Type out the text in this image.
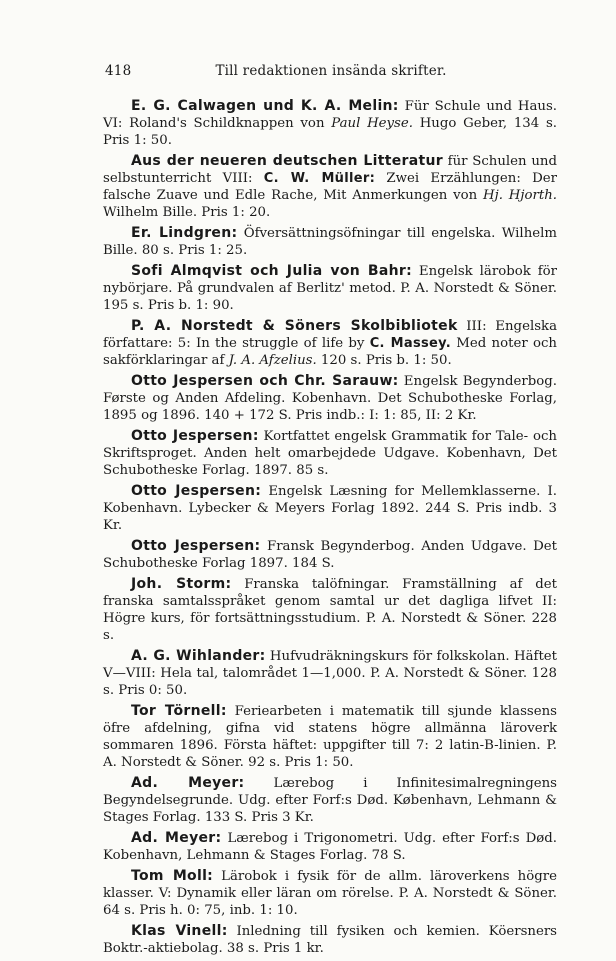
418	Till redaktionen insända skrifter.

E. G. Calwagen und K. A. Melin: Für Schule und Haus. VI: Roland's Schildknappen von Paul Heyse. Hugo Geber, 134 s. Pris 1: 50.

Aus der neueren deutschen Litteratur für Schulen und selbstunterricht VIII: C. W. Müller: Zwei Erzählungen: Der falsche Zuave und Edle Rache, Mit Anmerkungen von Hj. Hjorth. Wilhelm Bille. Pris 1: 20.

Er. Lindgren: Öfversättningsöfningar till engelska. Wilhelm Bille. 80 s. Pris 1: 25.

Sofi Almqvist och Julia von Bahr: Engelsk lärobok för nybörjare. På grundvalen af Berlitz' metod. P. A. Norstedt & Söner. 195 s. Pris b. 1: 90.

P. A. Norstedt & Söners Skolbibliotek III: Engelska författare: 5: In the struggle of life by C. Massey. Med noter och sakförklaringar af J. A. Afzelius. 120 s. Pris b. 1: 50.

Otto Jespersen och Chr. Sarauw: Engelsk Begynderbog. Første og Anden Afdeling. Kobenhavn. Det Schubotheske Forlag, 1895 og 1896. 140 + 172 S. Pris indb.: I: 1: 85, II: 2 Kr.

Otto Jespersen: Kortfattet engelsk Grammatik for Tale- och Skriftsproget. Anden helt omarbejdede Udgave. Kobenhavn, Det Schubotheske Forlag. 1897. 85 s.

Otto Jespersen: Engelsk Læsning for Mellemklasserne. I. Kobenhavn. Lybecker & Meyers Forlag 1892. 244 S. Pris indb. 3 Kr.

Otto Jespersen: Fransk Begynderbog. Anden Udgave. Det Schubotheske Forlag 1897. 184 S.

Joh. Storm: Franska talöfningar. Framställning af det franska samtalsspråket genom samtal ur det dagliga lifvet II: Högre kurs, för fortsättningsstudium. P. A. Norstedt & Söner. 228 s.

A. G. Wihlander: Hufvudräkningskurs för folkskolan. Häftet V—VIII: Hela tal, talområdet 1—1,000. P. A. Norstedt & Söner. 128 s. Pris 0: 50.

Tor Törnell: Feriearbeten i matematik till sjunde klassens öfre afdelning, gifna vid statens högre allmänna läroverk sommaren 1896. Första häftet: uppgifter till 7: 2 latin-B-linien. P. A. Norstedt & Söner. 92 s. Pris 1: 50.

Ad. Meyer: Lærebog i Infinitesimalregningens Begyndelsegrunde. Udg. efter Forf:s Død. København, Lehmann & Stages Forlag. 133 S. Pris 3 Kr.

Ad. Meyer: Lærebog i Trigonometri. Udg. efter Forf:s Død. Kobenhavn, Lehmann & Stages Forlag. 78 S.

Tom Moll: Lärobok i fysik för de allm. läroverkens högre klasser. V: Dynamik eller läran om rörelse. P. A. Norstedt & Söner. 64 s. Pris h. 0: 75, inb. 1: 10.

Klas Vinell: Inledning till fysiken och kemien. Köersners Boktr.-aktiebolag. 38 s. Pris 1 kr.
